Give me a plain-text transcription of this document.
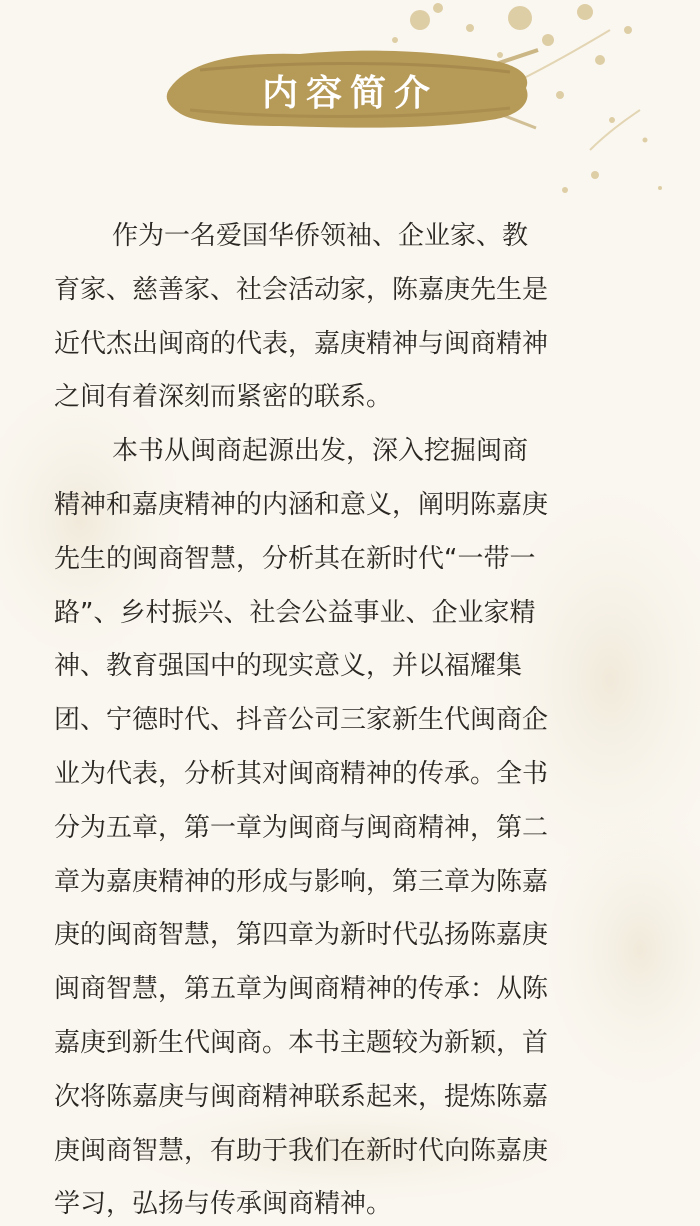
内容简介
作为一名爱国华侨领袖、企业家、教
育家、慈善家、社会活动家，陈嘉庚先生是
近代杰出闽商的代表，嘉庚精神与闽商精神
之间有着深刻而紧密的联系。
本书从闽商起源出发，深入挖掘闽商
精神和嘉庚精神的内涵和意义，阐明陈嘉庚
先生的闽商智慧，分析其在新时代“一带一
路”、乡村振兴、社会公益事业、企业家精
神、教育强国中的现实意义，并以福耀集
团、宁德时代、抖音公司三家新生代闽商企
业为代表，分析其对闽商精神的传承。全书
分为五章，第一章为闽商与闽商精神，第二
章为嘉庚精神的形成与影响，第三章为陈嘉
庚的闽商智慧，第四章为新时代弘扬陈嘉庚
闽商智慧，第五章为闽商精神的传承：从陈
嘉庚到新生代闽商。本书主题较为新颖，首
次将陈嘉庚与闽商精神联系起来，提炼陈嘉
庚闽商智慧，有助于我们在新时代向陈嘉庚
学习，弘扬与传承闽商精神。
